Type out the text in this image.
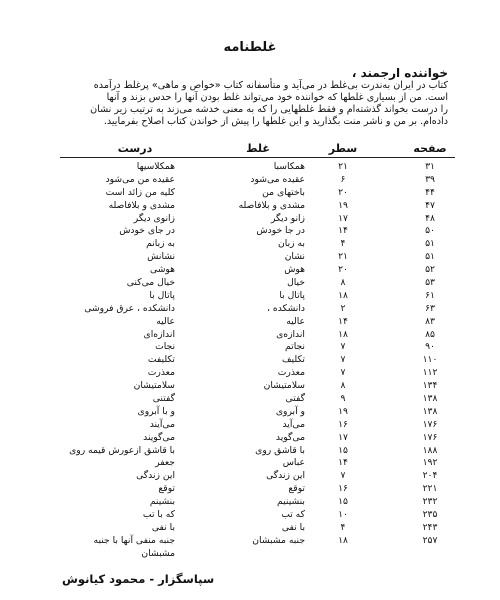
غلطنامه
خواننده ارجمند ،

کتاب در ایران به‌ندرت بی‌غلط در می‌آید و متأسفانه کتاب «خواص و ماهی» پرغلط درآمده

است. من از بسیاری غلطها که خواننده خود می‌تواند غلط بودن آنها را حدس بزند و آنها

را درست بخواند گذشته‌ام و فقط غلطهایی را که به معنی خدشه می‌زند به ترتیب زیر نشان

داده‌ام. بر من و ناشر منت بگذارید و این غلطها را پیش از خواندن کتاب اصلاح بفرمایید.

صفحه
سطر
غلط
درست
۳۱
۲۱
همکاسبا
همکلاسیها
۳۹
۶
عقیده می‌شود
عقیده من می‌شود
۴۴
۲۰
باختهای من
کلیه من زائد است
۴۷
۱۹
مشدی و بلافاصله
مشدی و بلافاصله
۴۸
۱۷
زانو دیگر
زانوی دیگر
۵۰
۱۴
در جا خودش
در جای خودش
۵۱
۴
به زبان
به زبانم
۵۱
۲۱
نشان
نشانش
۵۲
۲۰
هوش
هوشی
۵۳
۸
خیال
خیال می‌کنی
۶۱
۱۸
پاتال با
پاتال با
۶۳
۲
دانشکده ،
دانشکده ، عرق فروشی
۸۳
۱۴
عالیه
عالیه
۸۵
۱۸
اندازه‌ی
اندازه‌ای
۹۰
۷
نجاتم
نجات
۱۱۰
۷
تکلیف
تکلیفت
۱۱۲
۷
معذرت
معذرت
۱۳۴
۸
سلامتیشان
سلامتیشان
۱۳۸
۹
گفتی
گفتنی
۱۳۸
۱۹
و آبروی
و با آبروی
۱۷۶
۱۶
می‌آید
می‌آیند
۱۷۶
۱۷
می‌گوید
می‌گویند
۱۸۸
۱۵
با قاشق روی
با قاشق ازعورش قیمه روی
۱۹۲
۱۴
عباس
جعفر
۲۰۴
۷
این زندگی
این زندگی
۲۲۱
۱۶
توقع
توقع
۲۳۲
۱۵
بنشینیم
بنشینم
۲۳۵
۱۰
که تب
که با تب
۲۴۳
۴
با نفی
با نفی
۲۵۷
۱۸
جنبه مشبشان
جنبه منفی آنها با جنبه
مشبشان
سپاسگزار - محمود کیانوش
